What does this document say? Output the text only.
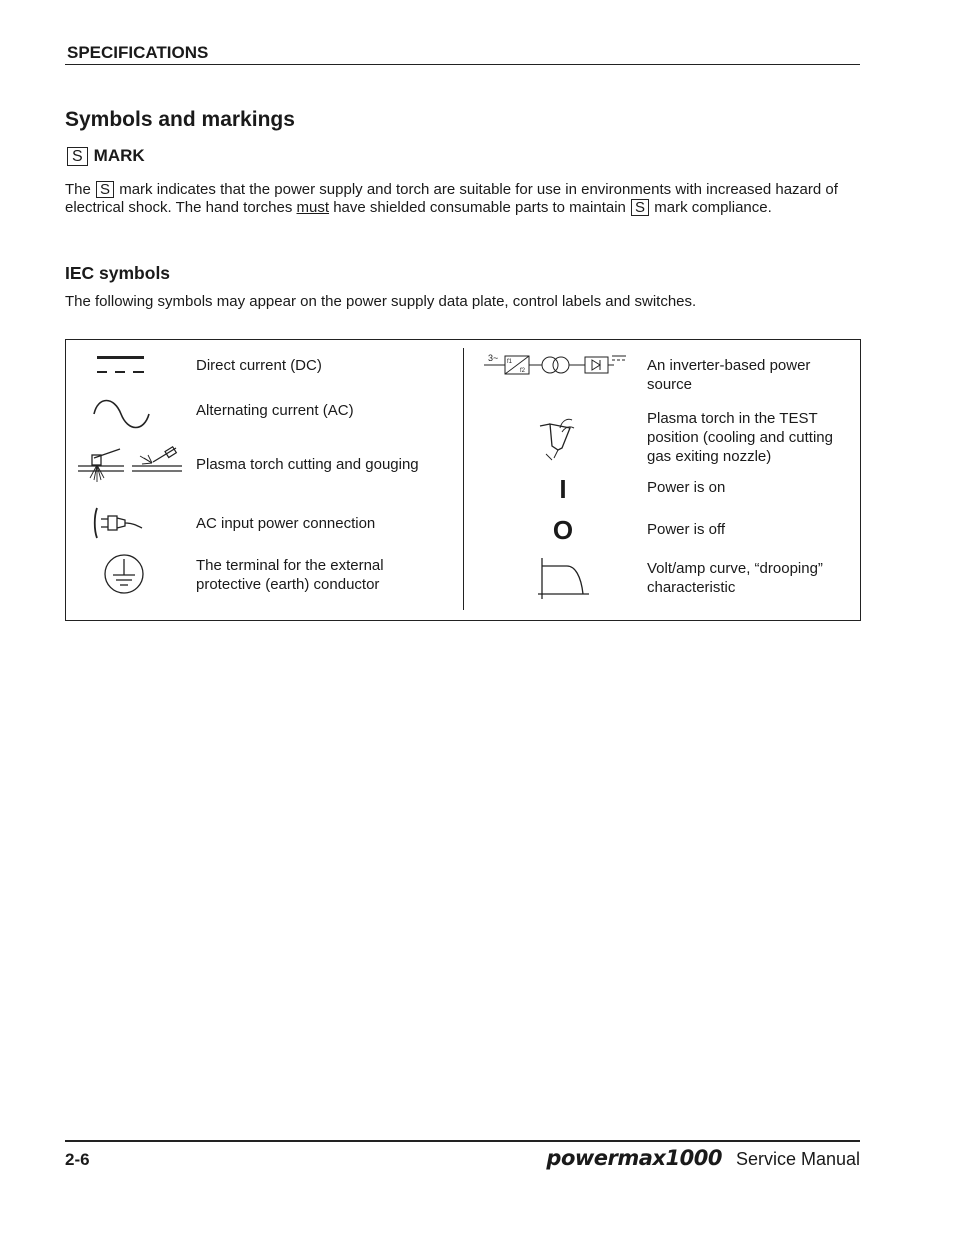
SPECIFICATIONS
Symbols and markings
S MARK
The S mark indicates that the power supply and torch are suitable for use in environments with increased hazard of electrical shock. The hand torches must have shielded consumable parts to maintain S mark compliance.
IEC symbols
The following symbols may appear on the power supply data plate, control labels and switches.
Direct current (DC)
Alternating current (AC)
Plasma torch cutting and gouging
AC input power connection
The terminal for the external protective (earth) conductor
3~ f1
f2	An inverter-based power source
Plasma torch in the TEST position (cooling and cutting gas exiting nozzle)
I	Power is on
O	Power is off
Volt/amp curve, “drooping” characteristic
2-6	powermax1000 Service Manual
